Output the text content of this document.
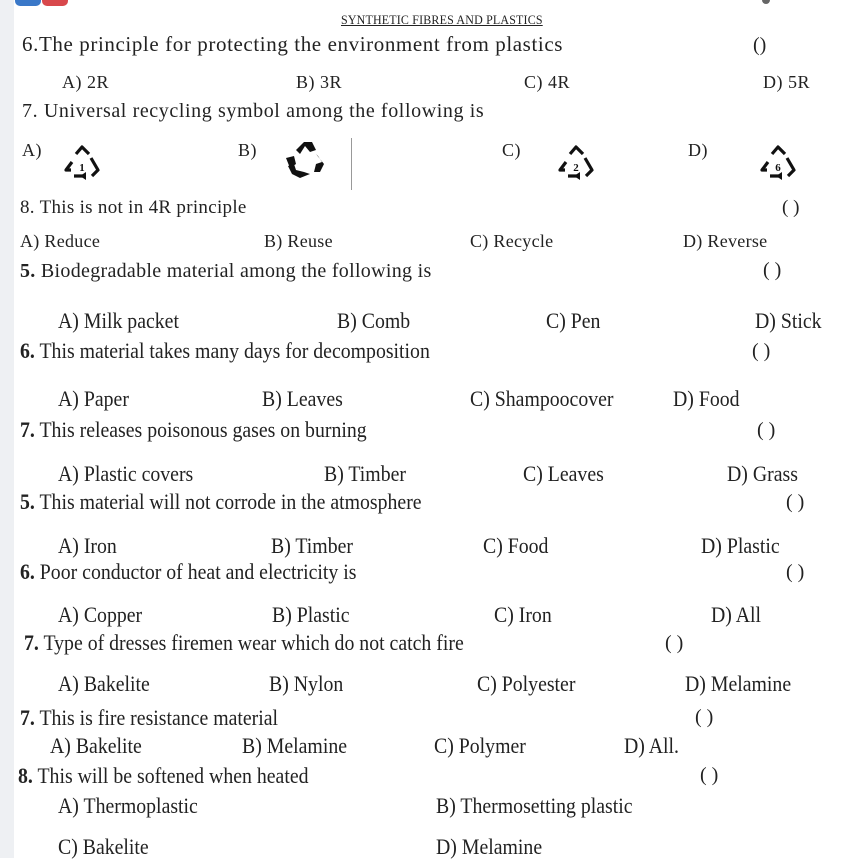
SYNTHETIC FIBRES AND PLASTICS
6.The principle for protecting the environment from plastics	()
A) 2R	B) 3R	C) 4R	D) 5R
7. Universal recycling symbol among the following is
A)	B)	C)	D)
1	2	6
8. This is not in 4R principle	( )
A) Reduce	B) Reuse	C) Recycle	D) Reverse
5. Biodegradable material among the following is	( )
A) Milk packet	B) Comb	C) Pen	D) Stick
6. This material takes many days for decomposition	( )
A) Paper	B) Leaves	C) Shampoocover	D) Food
7. This releases poisonous gases on burning	( )
A) Plastic covers	B) Timber	C) Leaves	D) Grass
5. This material will not corrode in the atmosphere	( )
A) Iron	B) Timber	C) Food	D) Plastic
6. Poor conductor of heat and electricity is	( )
A) Copper	B) Plastic	C) Iron	D) All
7. Type of dresses firemen wear which do not catch fire	( )
A) Bakelite	B) Nylon	C) Polyester	D) Melamine
7. This is fire resistance material	( )
A) Bakelite	B) Melamine	C) Polymer	D) All.
8. This will be softened when heated	( )
A) Thermoplastic	B) Thermosetting plastic
C) Bakelite	D) Melamine
